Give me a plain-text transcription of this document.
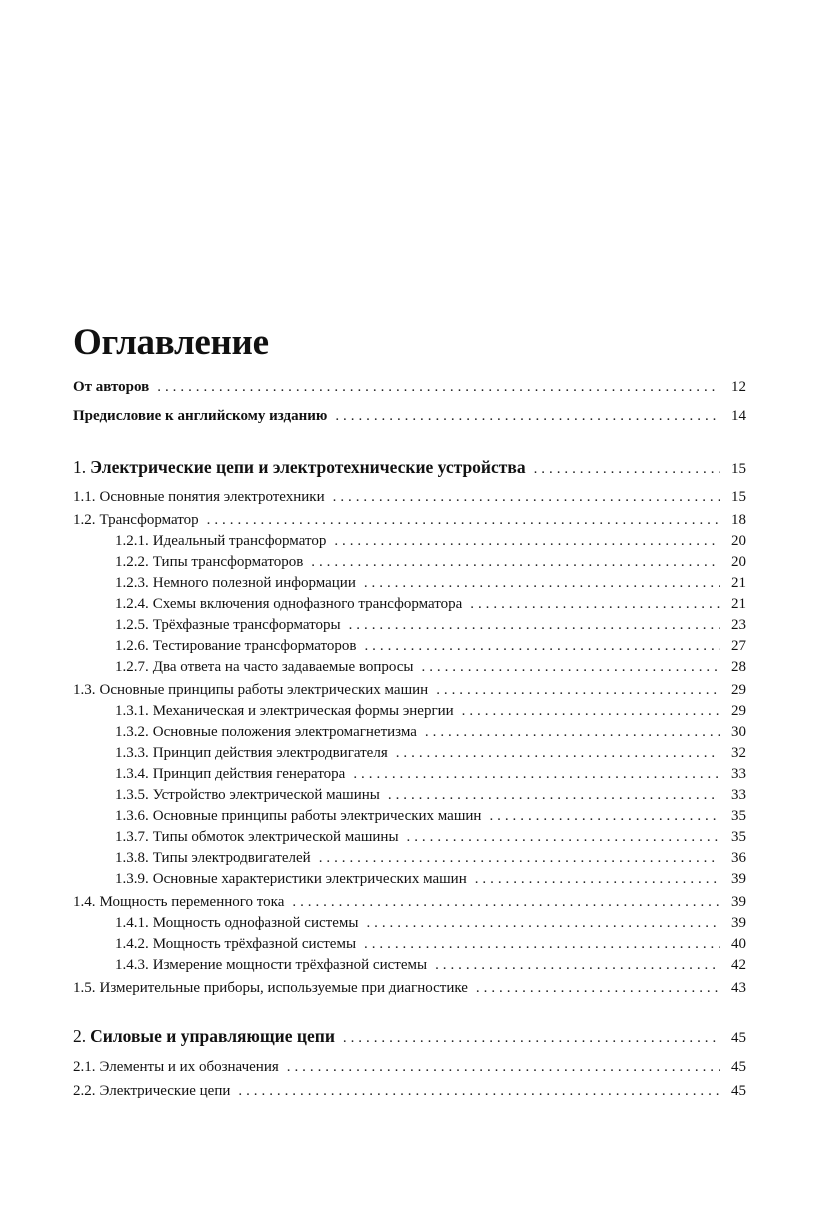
Оглавление
От авторов . . .	12
Предисловие к английскому изданию . . .	14
1. Электрические цепи и электротехнические устройства . . .	15
1.1. Основные понятия электротехники . . .	15
1.2. Трансформатор . . .	18
1.2.1. Идеальный трансформатор . . .	20
1.2.2. Типы трансформаторов . . .	20
1.2.3. Немного полезной информации . . .	21
1.2.4. Схемы включения однофазного трансформатора . . .	21
1.2.5. Трёхфазные трансформаторы . . .	23
1.2.6. Тестирование трансформаторов . . .	27
1.2.7. Два ответа на часто задаваемые вопросы . . .	28
1.3. Основные принципы работы электрических машин . . .	29
1.3.1. Механическая и электрическая формы энергии . . .	29
1.3.2. Основные положения электромагнетизма . . .	30
1.3.3. Принцип действия электродвигателя . . .	32
1.3.4. Принцип действия генератора . . .	33
1.3.5. Устройство электрической машины . . .	33
1.3.6. Основные принципы работы электрических машин . . .	35
1.3.7. Типы обмоток электрической машины . . .	35
1.3.8. Типы электродвигателей . . .	36
1.3.9. Основные характеристики электрических машин . . .	39
1.4. Мощность переменного тока . . .	39
1.4.1. Мощность однофазной системы . . .	39
1.4.2. Мощность трёхфазной системы . . .	40
1.4.3. Измерение мощности трёхфазной системы . . .	42
1.5. Измерительные приборы, используемые при диагностике . . .	43
2. Силовые и управляющие цепи . . .	45
2.1. Элементы и их обозначения . . .	45
2.2. Электрические цепи . . .	45
